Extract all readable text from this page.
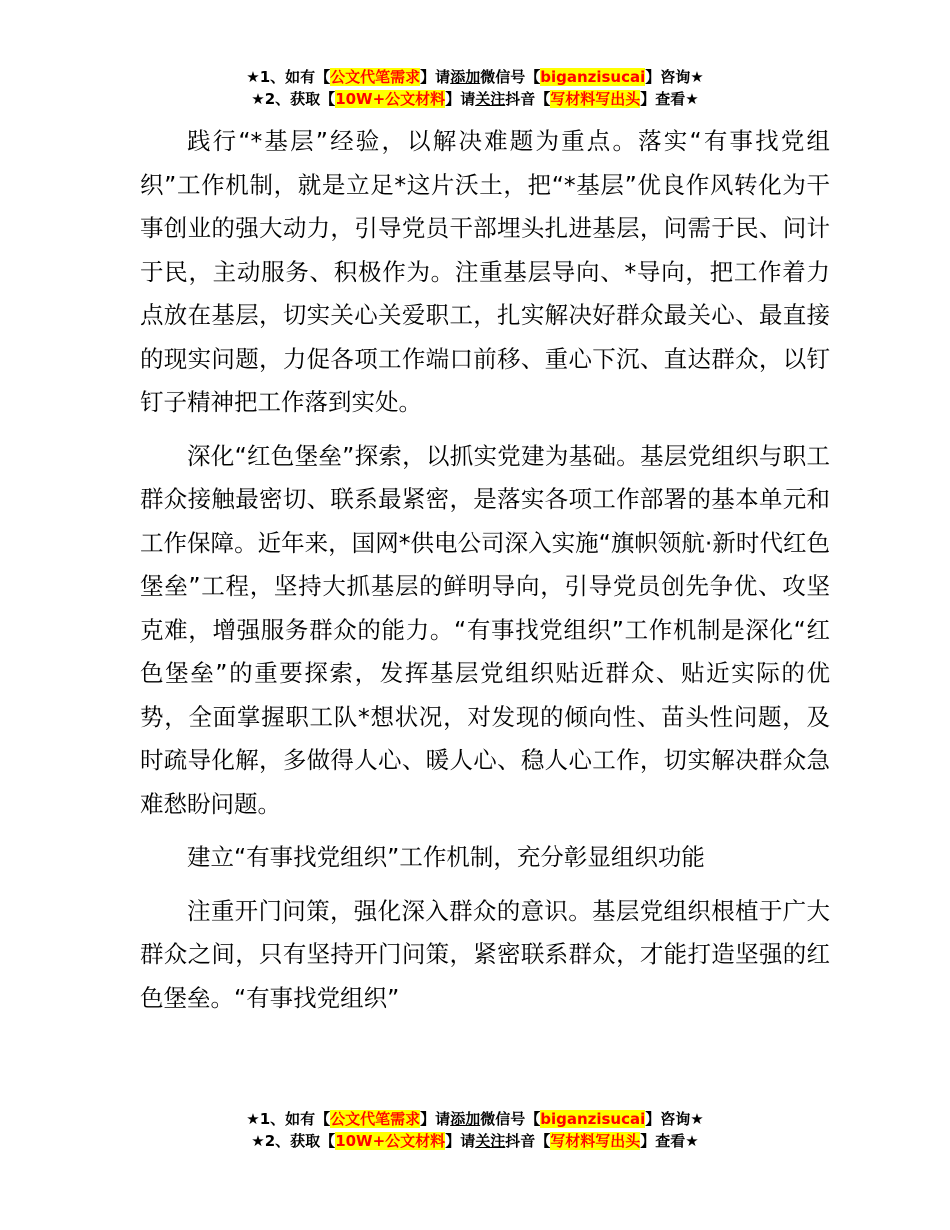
★1、如有【公文代笔需求】请添加微信号【biganzisucai】咨询★
★2、获取【10W+公文材料】请关注抖音【写材料写出头】查看★

践行“*基层”经验，以解决难题为重点。落实“有事找党组织”工作机制，就是立足*这片沃土，把“*基层”优良作风转化为干事创业的强大动力，引导党员干部埋头扎进基层，问需于民、问计于民，主动服务、积极作为。注重基层导向、*导向，把工作着力点放在基层，切实关心关爱职工，扎实解决好群众最关心、最直接的现实问题，力促各项工作端口前移、重心下沉、直达群众，以钉钉子精神把工作落到实处。

深化“红色堡垒”探索，以抓实党建为基础。基层党组织与职工群众接触最密切、联系最紧密，是落实各项工作部署的基本单元和工作保障。近年来，国网*供电公司深入实施“旗帜领航·新时代红色堡垒”工程，坚持大抓基层的鲜明导向，引导党员创先争优、攻坚克难，增强服务群众的能力。“有事找党组织”工作机制是深化“红色堡垒”的重要探索，发挥基层党组织贴近群众、贴近实际的优势，全面掌握职工队*想状况，对发现的倾向性、苗头性问题，及时疏导化解，多做得人心、暖人心、稳人心工作，切实解决群众急难愁盼问题。

建立“有事找党组织”工作机制，充分彰显组织功能

注重开门问策，强化深入群众的意识。基层党组织根植于广大群众之间，只有坚持开门问策，紧密联系群众，才能打造坚强的红色堡垒。“有事找党组织”

★1、如有【公文代笔需求】请添加微信号【biganzisucai】咨询★
★2、获取【10W+公文材料】请关注抖音【写材料写出头】查看★
